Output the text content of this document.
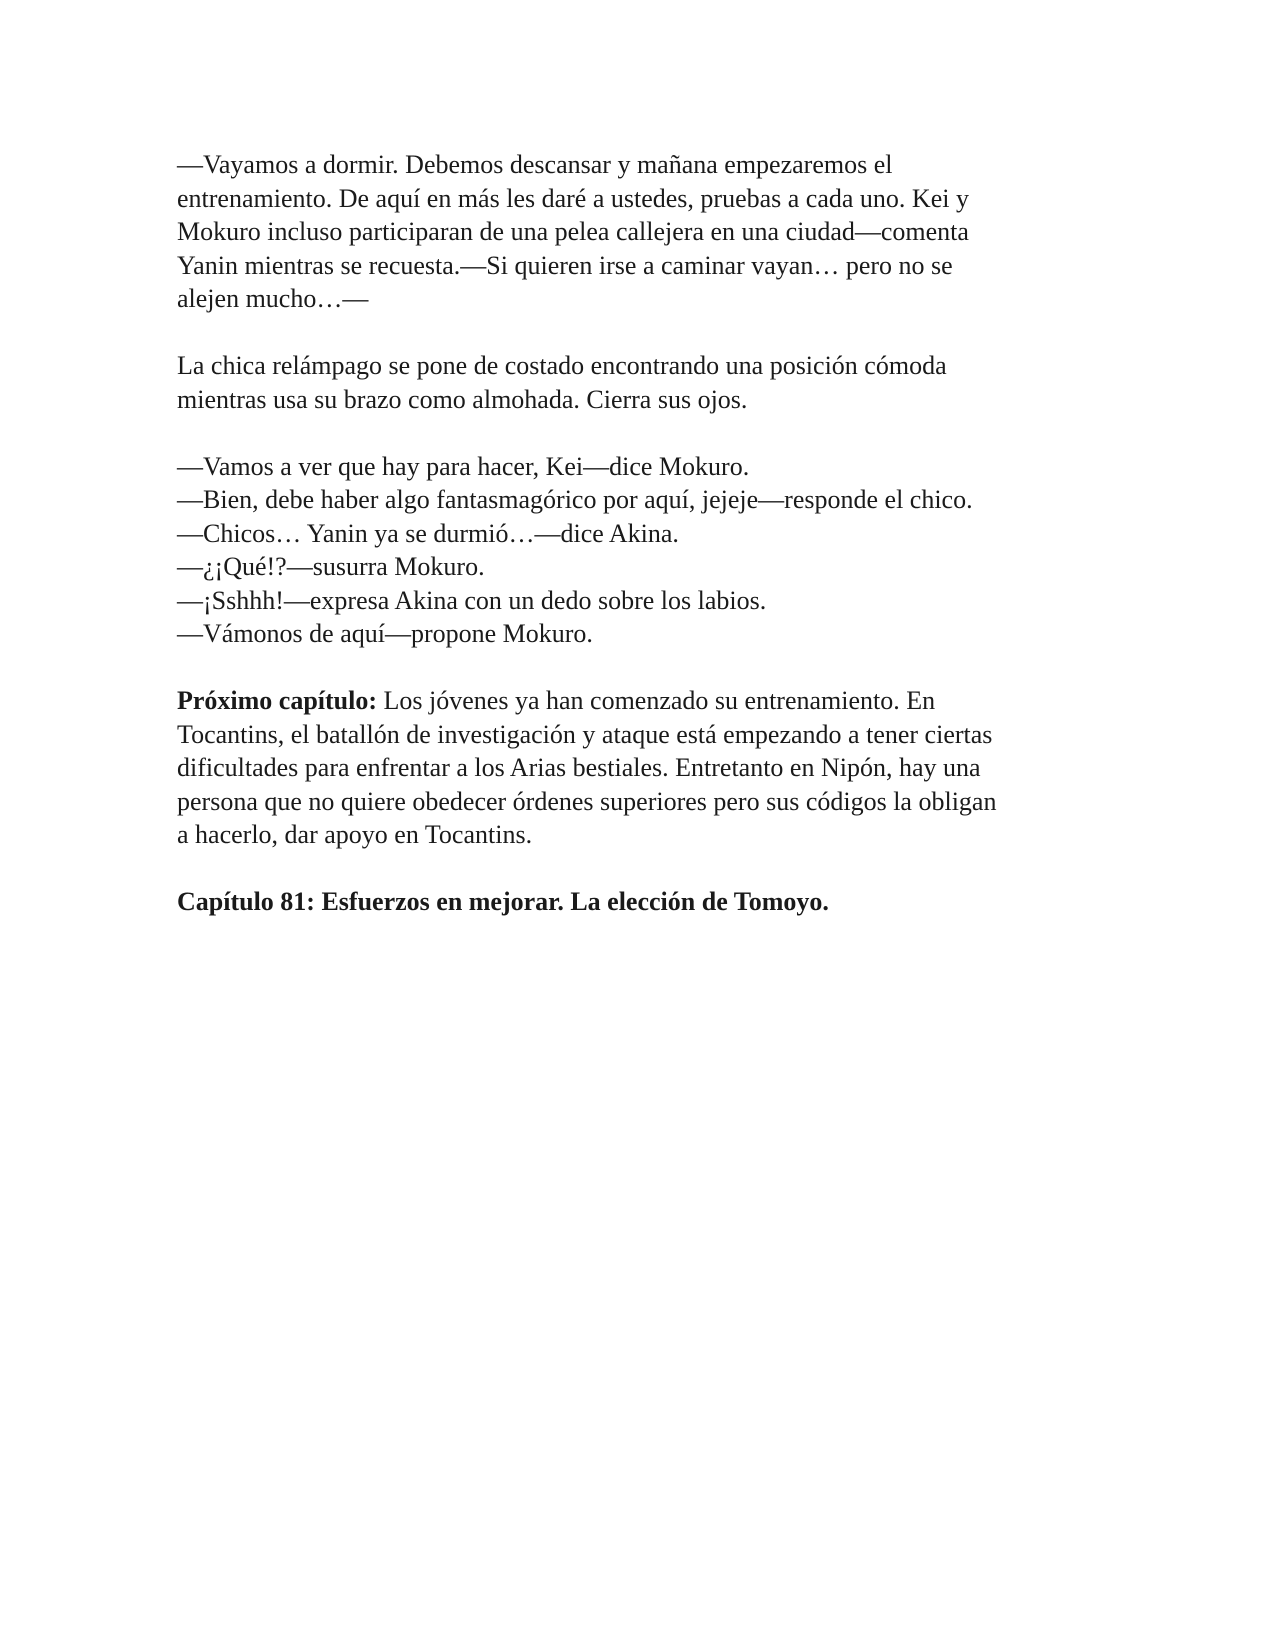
—Vayamos a dormir. Debemos descansar y mañana empezaremos el
entrenamiento. De aquí en más les daré a ustedes, pruebas a cada uno. Kei y
Mokuro incluso participaran de una pelea callejera en una ciudad—comenta
Yanin mientras se recuesta.—Si quieren irse a caminar vayan… pero no se
alejen mucho…—

La chica relámpago se pone de costado encontrando una posición cómoda
mientras usa su brazo como almohada. Cierra sus ojos.

—Vamos a ver que hay para hacer, Kei—dice Mokuro.
—Bien, debe haber algo fantasmagórico por aquí, jejeje—responde el chico.
—Chicos… Yanin ya se durmió…—dice Akina.
—¿¡Qué!?—susurra Mokuro.
—¡Sshhh!—expresa Akina con un dedo sobre los labios.
—Vámonos de aquí—propone Mokuro.

Próximo capítulo: Los jóvenes ya han comenzado su entrenamiento. En
Tocantins, el batallón de investigación y ataque está empezando a tener ciertas
dificultades para enfrentar a los Arias bestiales. Entretanto en Nipón, hay una
persona que no quiere obedecer órdenes superiores pero sus códigos la obligan
a hacerlo, dar apoyo en Tocantins.

Capítulo 81: Esfuerzos en mejorar. La elección de Tomoyo.
